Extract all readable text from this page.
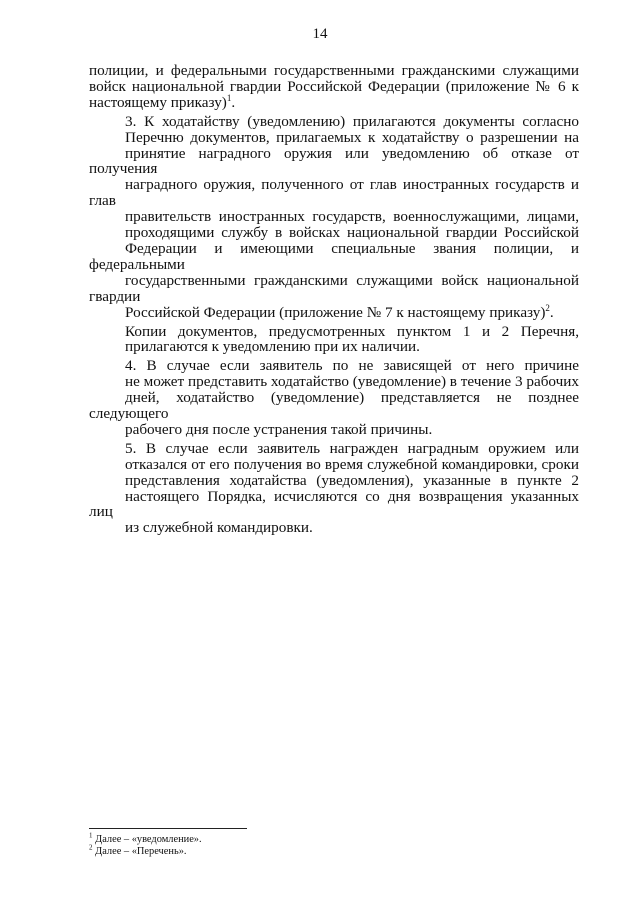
14

полиции, и федеральными государственными гражданскими служащими
войск национальной гвардии Российской Федерации (приложение № 6 к
настоящему приказу)$^1$.

3. К ходатайству (уведомлению) прилагаются документы согласно
Перечню документов, прилагаемых к ходатайству о разрешении на
принятие наградного оружия или уведомлению об отказе от получения
наградного оружия, полученного от глав иностранных государств и глав
правительств иностранных государств, военнослужащими, лицами,
проходящими службу в войсках национальной гвардии Российской
Федерации и имеющими специальные звания полиции, и федеральными
государственными гражданскими служащими войск национальной гвардии
Российской Федерации (приложение № 7 к настоящему приказу)$^2$.

Копии документов, предусмотренных пунктом 1 и 2 Перечня,
прилагаются к уведомлению при их наличии.

4. В случае если заявитель по не зависящей от него причине
не может представить ходатайство (уведомление) в течение 3 рабочих
дней, ходатайство (уведомление) представляется не позднее следующего
рабочего дня после устранения такой причины.

5. В случае если заявитель награжден наградным оружием или
отказался от его получения во время служебной командировки, сроки
представления ходатайства (уведомления), указанные в пункте 2
настоящего Порядка, исчисляются со дня возвращения указанных лиц
из служебной командировки.

$^1$ Далее – «уведомление».
$^2$ Далее – «Перечень».
